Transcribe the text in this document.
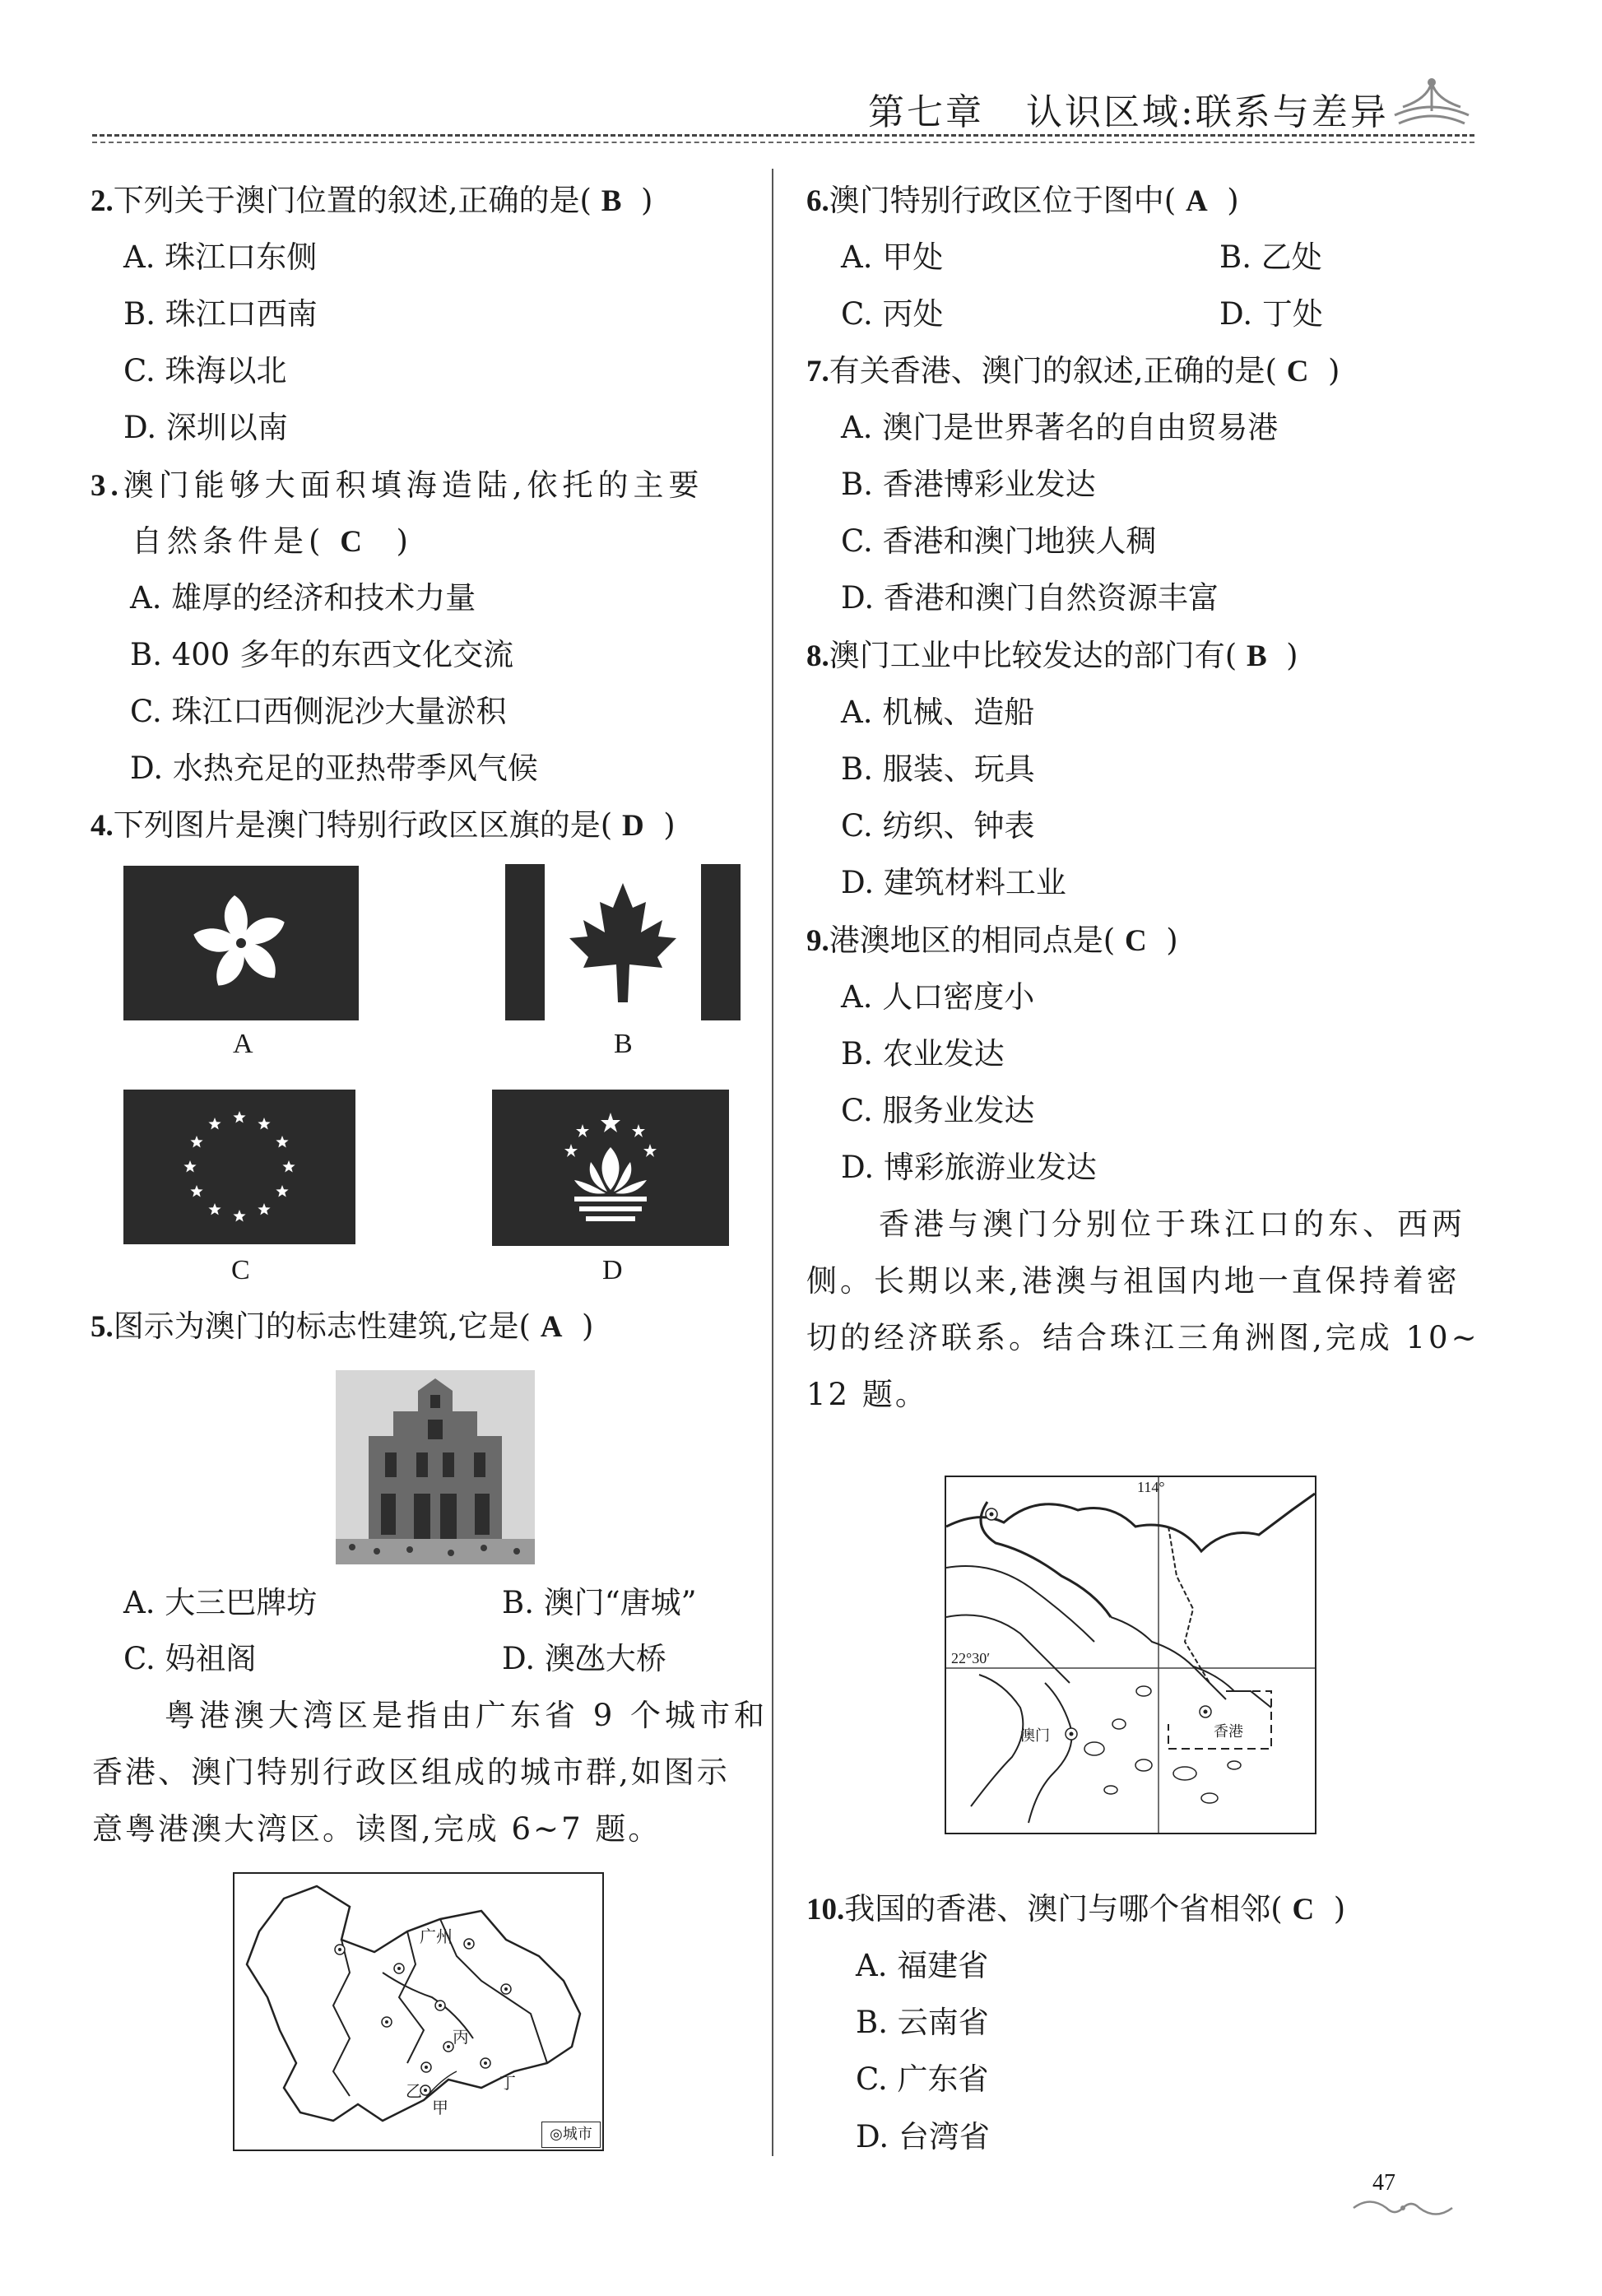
第七章 认识区域:联系与差异
2.下列关于澳门位置的叙述,正确的是( B )
A. 珠江口东侧
B. 珠江口西南
C. 珠海以北
D. 深圳以南
3.澳门能够大面积填海造陆,依托的主要
自然条件是( C )
A. 雄厚的经济和技术力量
B. 400 多年的东西文化交流
C. 珠江口西侧泥沙大量淤积
D. 水热充足的亚热带季风气候
4.下列图片是澳门特别行政区区旗的是( D )
A	B
C	D
5.图示为澳门的标志性建筑,它是( A )
A. 大三巴牌坊	B. 澳门“唐城”
C. 妈祖阁	D. 澳氹大桥
粤港澳大湾区是指由广东省 9 个城市和
香港、澳门特别行政区组成的城市群,如图示
意粤港澳大湾区。读图,完成 6~7 题。
广州
丙
乙	丁
甲
◎城市
6.澳门特别行政区位于图中( A )
A. 甲处	B. 乙处
C. 丙处	D. 丁处
7.有关香港、澳门的叙述,正确的是( C )
A. 澳门是世界著名的自由贸易港
B. 香港博彩业发达
C. 香港和澳门地狭人稠
D. 香港和澳门自然资源丰富
8.澳门工业中比较发达的部门有( B )
A. 机械、造船
B. 服装、玩具
C. 纺织、钟表
D. 建筑材料工业
9.港澳地区的相同点是( C )
A. 人口密度小
B. 农业发达
C. 服务业发达
D. 博彩旅游业发达
香港与澳门分别位于珠江口的东、西两
侧。长期以来,港澳与祖国内地一直保持着密
切的经济联系。结合珠江三角洲图,完成 10~
12 题。
114°
22°30′
澳门	香港
10.我国的香港、澳门与哪个省相邻( C )
A. 福建省
B. 云南省
C. 广东省
D. 台湾省
47
